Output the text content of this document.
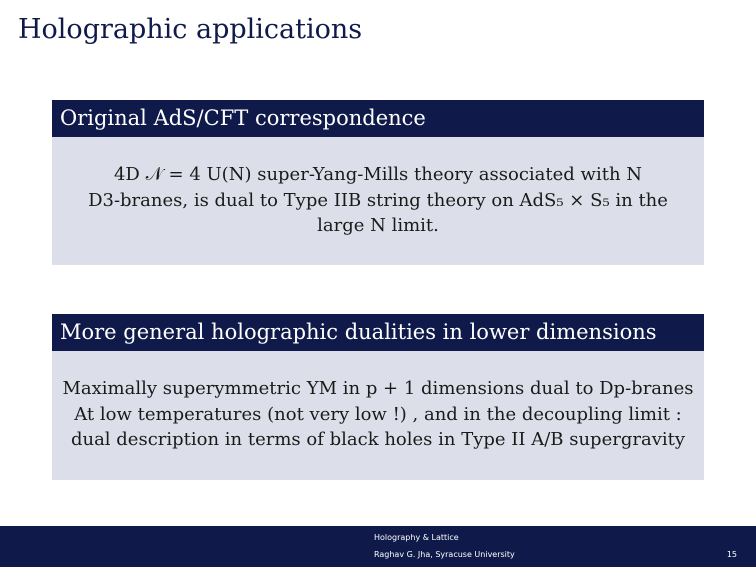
Holographic applications
Original AdS/CFT correspondence
4D 𝒩 = 4 U(N) super-Yang-Mills theory associated with N
D3-branes, is dual to Type IIB string theory on AdS₅ × S₅ in the
large N limit.
More general holographic dualities in lower dimensions
Maximally superymmetric YM in p + 1 dimensions dual to Dp-branes
At low temperatures (not very low !) , and in the decoupling limit :
dual description in terms of black holes in Type II A/B supergravity
Holography & Lattice
Raghav G. Jha, Syracuse University	15
